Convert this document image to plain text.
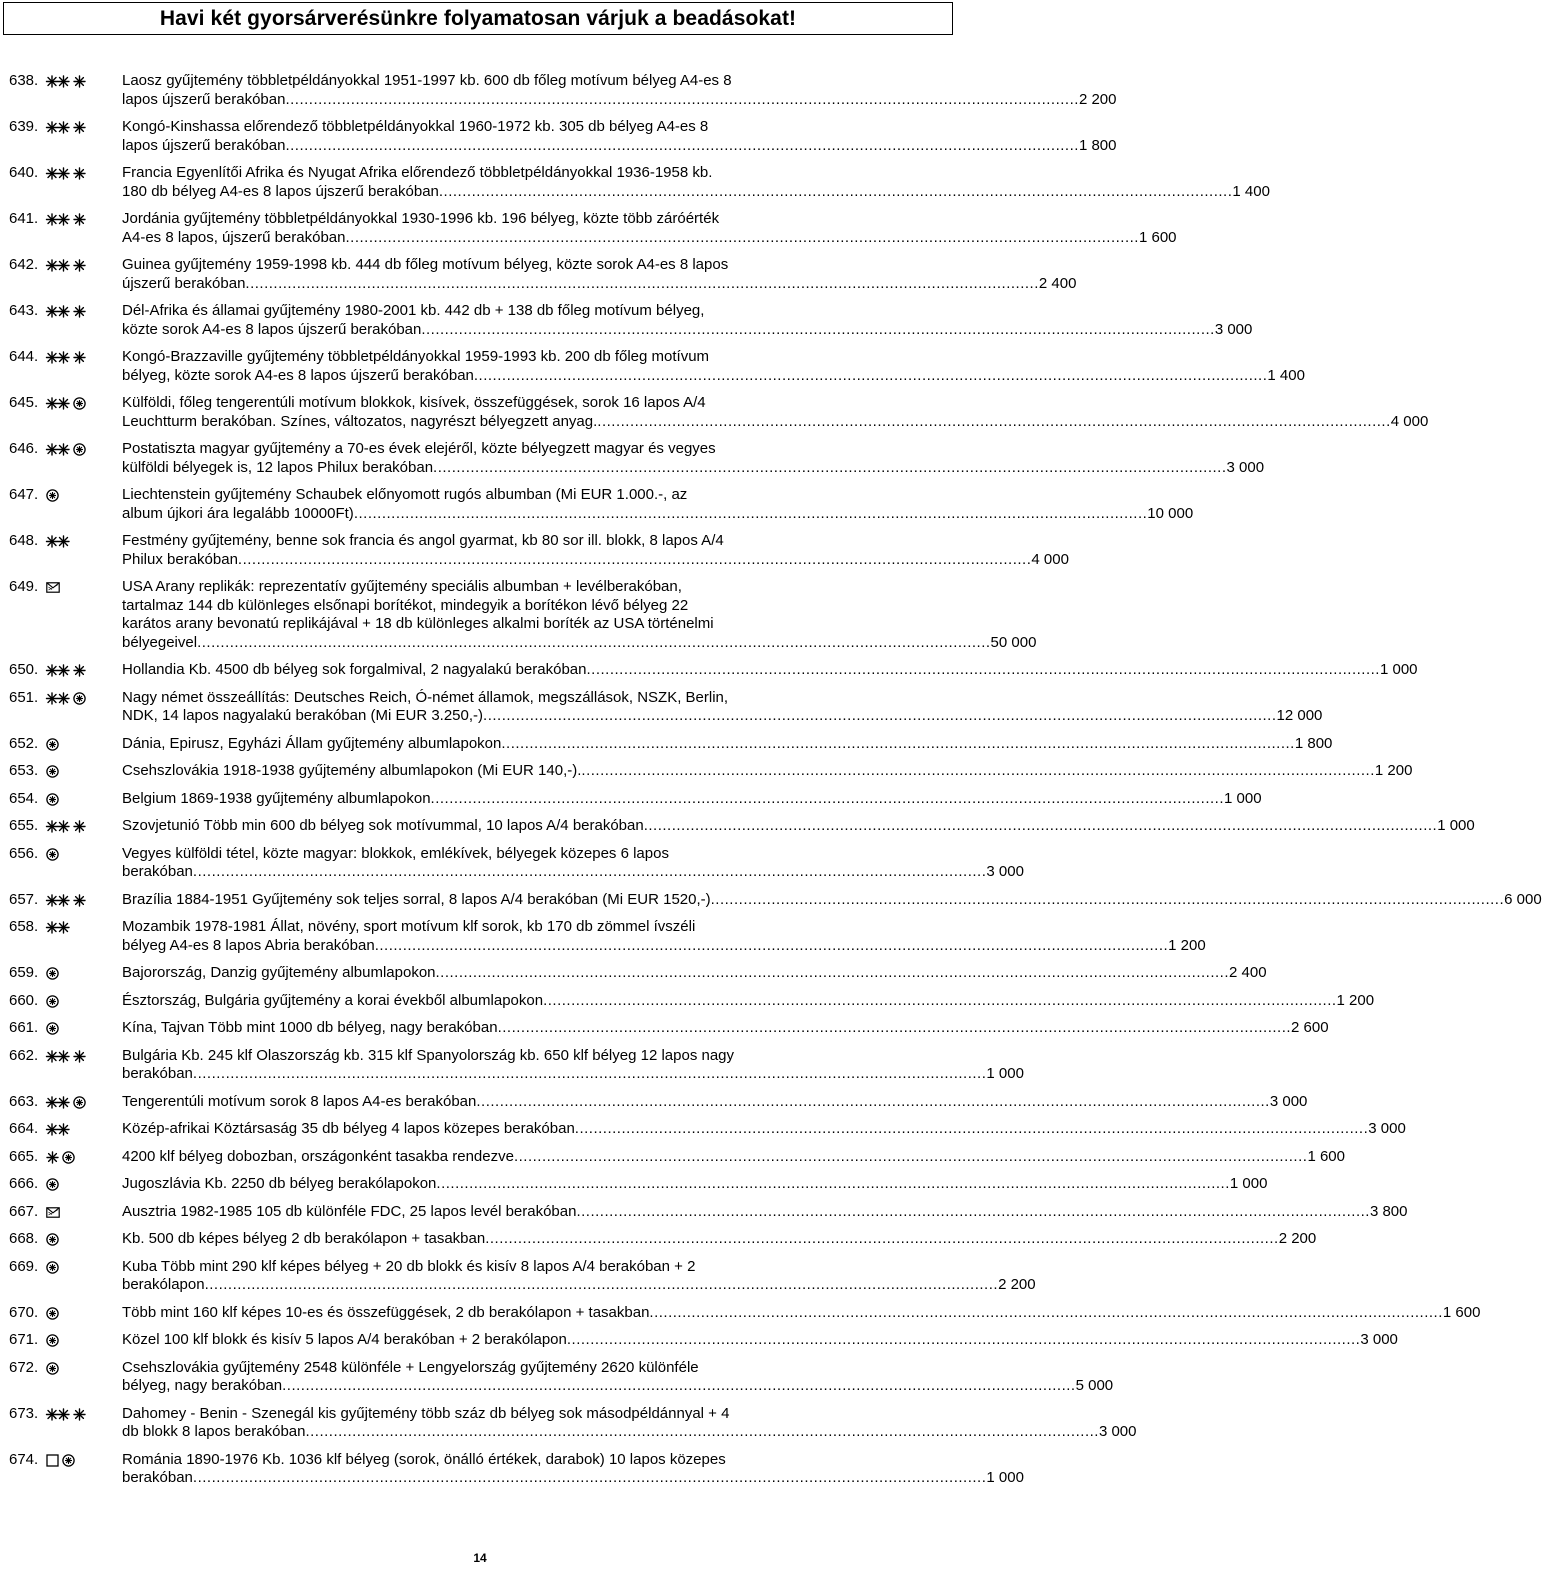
Havi két gyorsárverésünkre folyamatosan várjuk a beadásokat!
638.	Laosz gyűjtemény többletpéldányokkal 1951-1997 kb. 600 db főleg motívum bélyeg A4-es 8
lapos újszerű berakóban .......................................................................................................................................................................... 2 200
639.	Kongó-Kinshassa előrendező többletpéldányokkal 1960-1972 kb. 305 db bélyeg A4-es 8
lapos újszerű berakóban .......................................................................................................................................................................... 1 800
640.	Francia Egyenlítői Afrika és Nyugat Afrika előrendező többletpéldányokkal 1936-1958 kb.
180 db bélyeg A4-es 8 lapos újszerű berakóban .......................................................................................................................................................................... 1 400
641.	Jordánia gyűjtemény többletpéldányokkal 1930-1996 kb. 196 bélyeg, közte több záróérték
A4-es 8 lapos, újszerű berakóban .......................................................................................................................................................................... 1 600
642.	Guinea gyűjtemény 1959-1998 kb. 444 db főleg motívum bélyeg, közte sorok A4-es 8 lapos
újszerű berakóban .......................................................................................................................................................................... 2 400
643.	Dél-Afrika és államai gyűjtemény 1980-2001 kb. 442 db + 138 db főleg motívum bélyeg,
közte sorok A4-es 8 lapos újszerű berakóban .......................................................................................................................................................................... 3 000
644.	Kongó-Brazzaville gyűjtemény többletpéldányokkal 1959-1993 kb. 200 db főleg motívum
bélyeg, közte sorok A4-es 8 lapos újszerű berakóban .......................................................................................................................................................................... 1 400
645.	Külföldi, főleg tengerentúli motívum blokkok, kisívek, összefüggések, sorok 16 lapos A/4
Leuchtturm berakóban. Színes, változatos, nagyrészt bélyegzett anyag. .......................................................................................................................................................................... 4 000
646.	Postatiszta magyar gyűjtemény a 70-es évek elejéről, közte bélyegzett magyar és vegyes
külföldi bélyegek is, 12 lapos Philux berakóban .......................................................................................................................................................................... 3 000
647.	Liechtenstein gyűjtemény Schaubek előnyomott rugós albumban (Mi EUR 1.000.-, az
album újkori ára legalább 10000Ft) .......................................................................................................................................................................... 10 000
648.	Festmény gyűjtemény, benne sok francia és angol gyarmat, kb 80 sor ill. blokk, 8 lapos A/4
Philux berakóban .......................................................................................................................................................................... 4 000
649.	USA Arany replikák: reprezentatív gyűjtemény speciális albumban + levélberakóban,
tartalmaz 144 db különleges elsőnapi borítékot, mindegyik a borítékon lévő bélyeg 22
karátos arany bevonatú replikájával + 18 db különleges alkalmi boríték az USA történelmi
bélyegeivel .......................................................................................................................................................................... 50 000
650.	Hollandia Kb. 4500 db bélyeg sok forgalmival, 2 nagyalakú berakóban .......................................................................................................................................................................... 1 000
651.	Nagy német összeállítás: Deutsches Reich, Ó-német államok, megszállások, NSZK, Berlin,
NDK, 14 lapos nagyalakú berakóban (Mi EUR 3.250,-) .......................................................................................................................................................................... 12 000
652.	Dánia, Epirusz, Egyházi Állam gyűjtemény albumlapokon .......................................................................................................................................................................... 1 800
653.	Csehszlovákia 1918-1938 gyűjtemény albumlapokon (Mi EUR 140,-). .......................................................................................................................................................................... 1 200
654.	Belgium 1869-1938 gyűjtemény albumlapokon .......................................................................................................................................................................... 1 000
655.	Szovjetunió Több min 600 db bélyeg sok motívummal, 10 lapos A/4 berakóban .......................................................................................................................................................................... 1 000
656.	Vegyes külföldi tétel, közte magyar: blokkok, emlékívek, bélyegek közepes 6 lapos
berakóban .......................................................................................................................................................................... 3 000
657.	Brazília 1884-1951 Gyűjtemény sok teljes sorral, 8 lapos A/4 berakóban (Mi EUR 1520,-) .......................................................................................................................................................................... 6 000
658.	Mozambik 1978-1981 Állat, növény, sport motívum klf sorok, kb 170 db zömmel ívszéli
bélyeg A4-es 8 lapos Abria berakóban .......................................................................................................................................................................... 1 200
659.	Bajorország, Danzig gyűjtemény albumlapokon .......................................................................................................................................................................... 2 400
660.	Észtország, Bulgária gyűjtemény a korai évekből albumlapokon .......................................................................................................................................................................... 1 200
661.	Kína, Tajvan Több mint 1000 db bélyeg, nagy berakóban .......................................................................................................................................................................... 2 600
662.	Bulgária Kb. 245 klf Olaszország kb. 315 klf Spanyolország kb. 650 klf bélyeg 12 lapos nagy
berakóban .......................................................................................................................................................................... 1 000
663.	Tengerentúli motívum sorok 8 lapos A4-es berakóban .......................................................................................................................................................................... 3 000
664.	Közép-afrikai Köztársaság 35 db bélyeg 4 lapos közepes berakóban .......................................................................................................................................................................... 3 000
665.	4200 klf bélyeg dobozban, országonként tasakba rendezve .......................................................................................................................................................................... 1 600
666.	Jugoszlávia Kb. 2250 db bélyeg berakólapokon .......................................................................................................................................................................... 1 000
667.	Ausztria 1982-1985 105 db különféle FDC, 25 lapos levél berakóban .......................................................................................................................................................................... 3 800
668.	Kb. 500 db képes bélyeg 2 db berakólapon + tasakban .......................................................................................................................................................................... 2 200
669.	Kuba Több mint 290 klf képes bélyeg + 20 db blokk és kisív 8 lapos A/4 berakóban + 2
berakólapon .......................................................................................................................................................................... 2 200
670.	Több mint 160 klf képes 10-es és összefüggések, 2 db berakólapon + tasakban .......................................................................................................................................................................... 1 600
671.	Közel 100 klf blokk és kisív 5 lapos A/4 berakóban + 2 berakólapon .......................................................................................................................................................................... 3 000
672.	Csehszlovákia gyűjtemény 2548 különféle + Lengyelország gyűjtemény 2620 különféle
bélyeg, nagy berakóban .......................................................................................................................................................................... 5 000
673.	Dahomey - Benin - Szenegál kis gyűjtemény több száz db bélyeg sok másodpéldánnyal + 4
db blokk 8 lapos berakóban .......................................................................................................................................................................... 3 000
674.	Románia 1890-1976 Kb. 1036 klf bélyeg (sorok, önálló értékek, darabok) 10 lapos közepes
berakóban .......................................................................................................................................................................... 1 000
14
